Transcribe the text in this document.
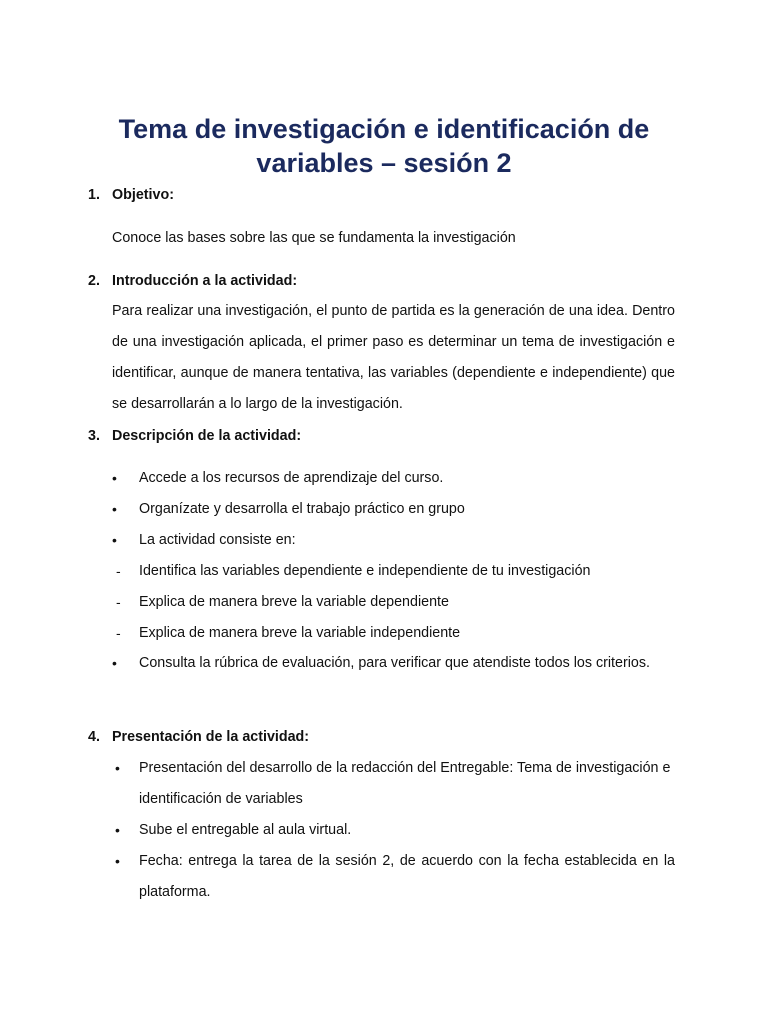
Tema de investigación e identificación de
variables – sesión 2
1. Objetivo:
Conoce las bases sobre las que se fundamenta la investigación
2. Introducción a la actividad:
Para realizar una investigación, el punto de partida es la generación de una idea. Dentro
de una investigación aplicada, el primer paso es determinar un tema de investigación e
identificar, aunque de manera tentativa, las variables (dependiente e independiente) que
se desarrollarán a lo largo de la investigación.
3. Descripción de la actividad:
• Accede a los recursos de aprendizaje del curso.
• Organízate y desarrolla el trabajo práctico en grupo
• La actividad consiste en:
- Identifica las variables dependiente e independiente de tu investigación
- Explica de manera breve la variable dependiente
- Explica de manera breve la variable independiente
• Consulta la rúbrica de evaluación, para verificar que atendiste todos los criterios.
4. Presentación de la actividad:
• Presentación del desarrollo de la redacción del Entregable: Tema de investigación e
identificación de variables
• Sube el entregable al aula virtual.
• Fecha: entrega la tarea de la sesión 2, de acuerdo con la fecha establecida en la
plataforma.
